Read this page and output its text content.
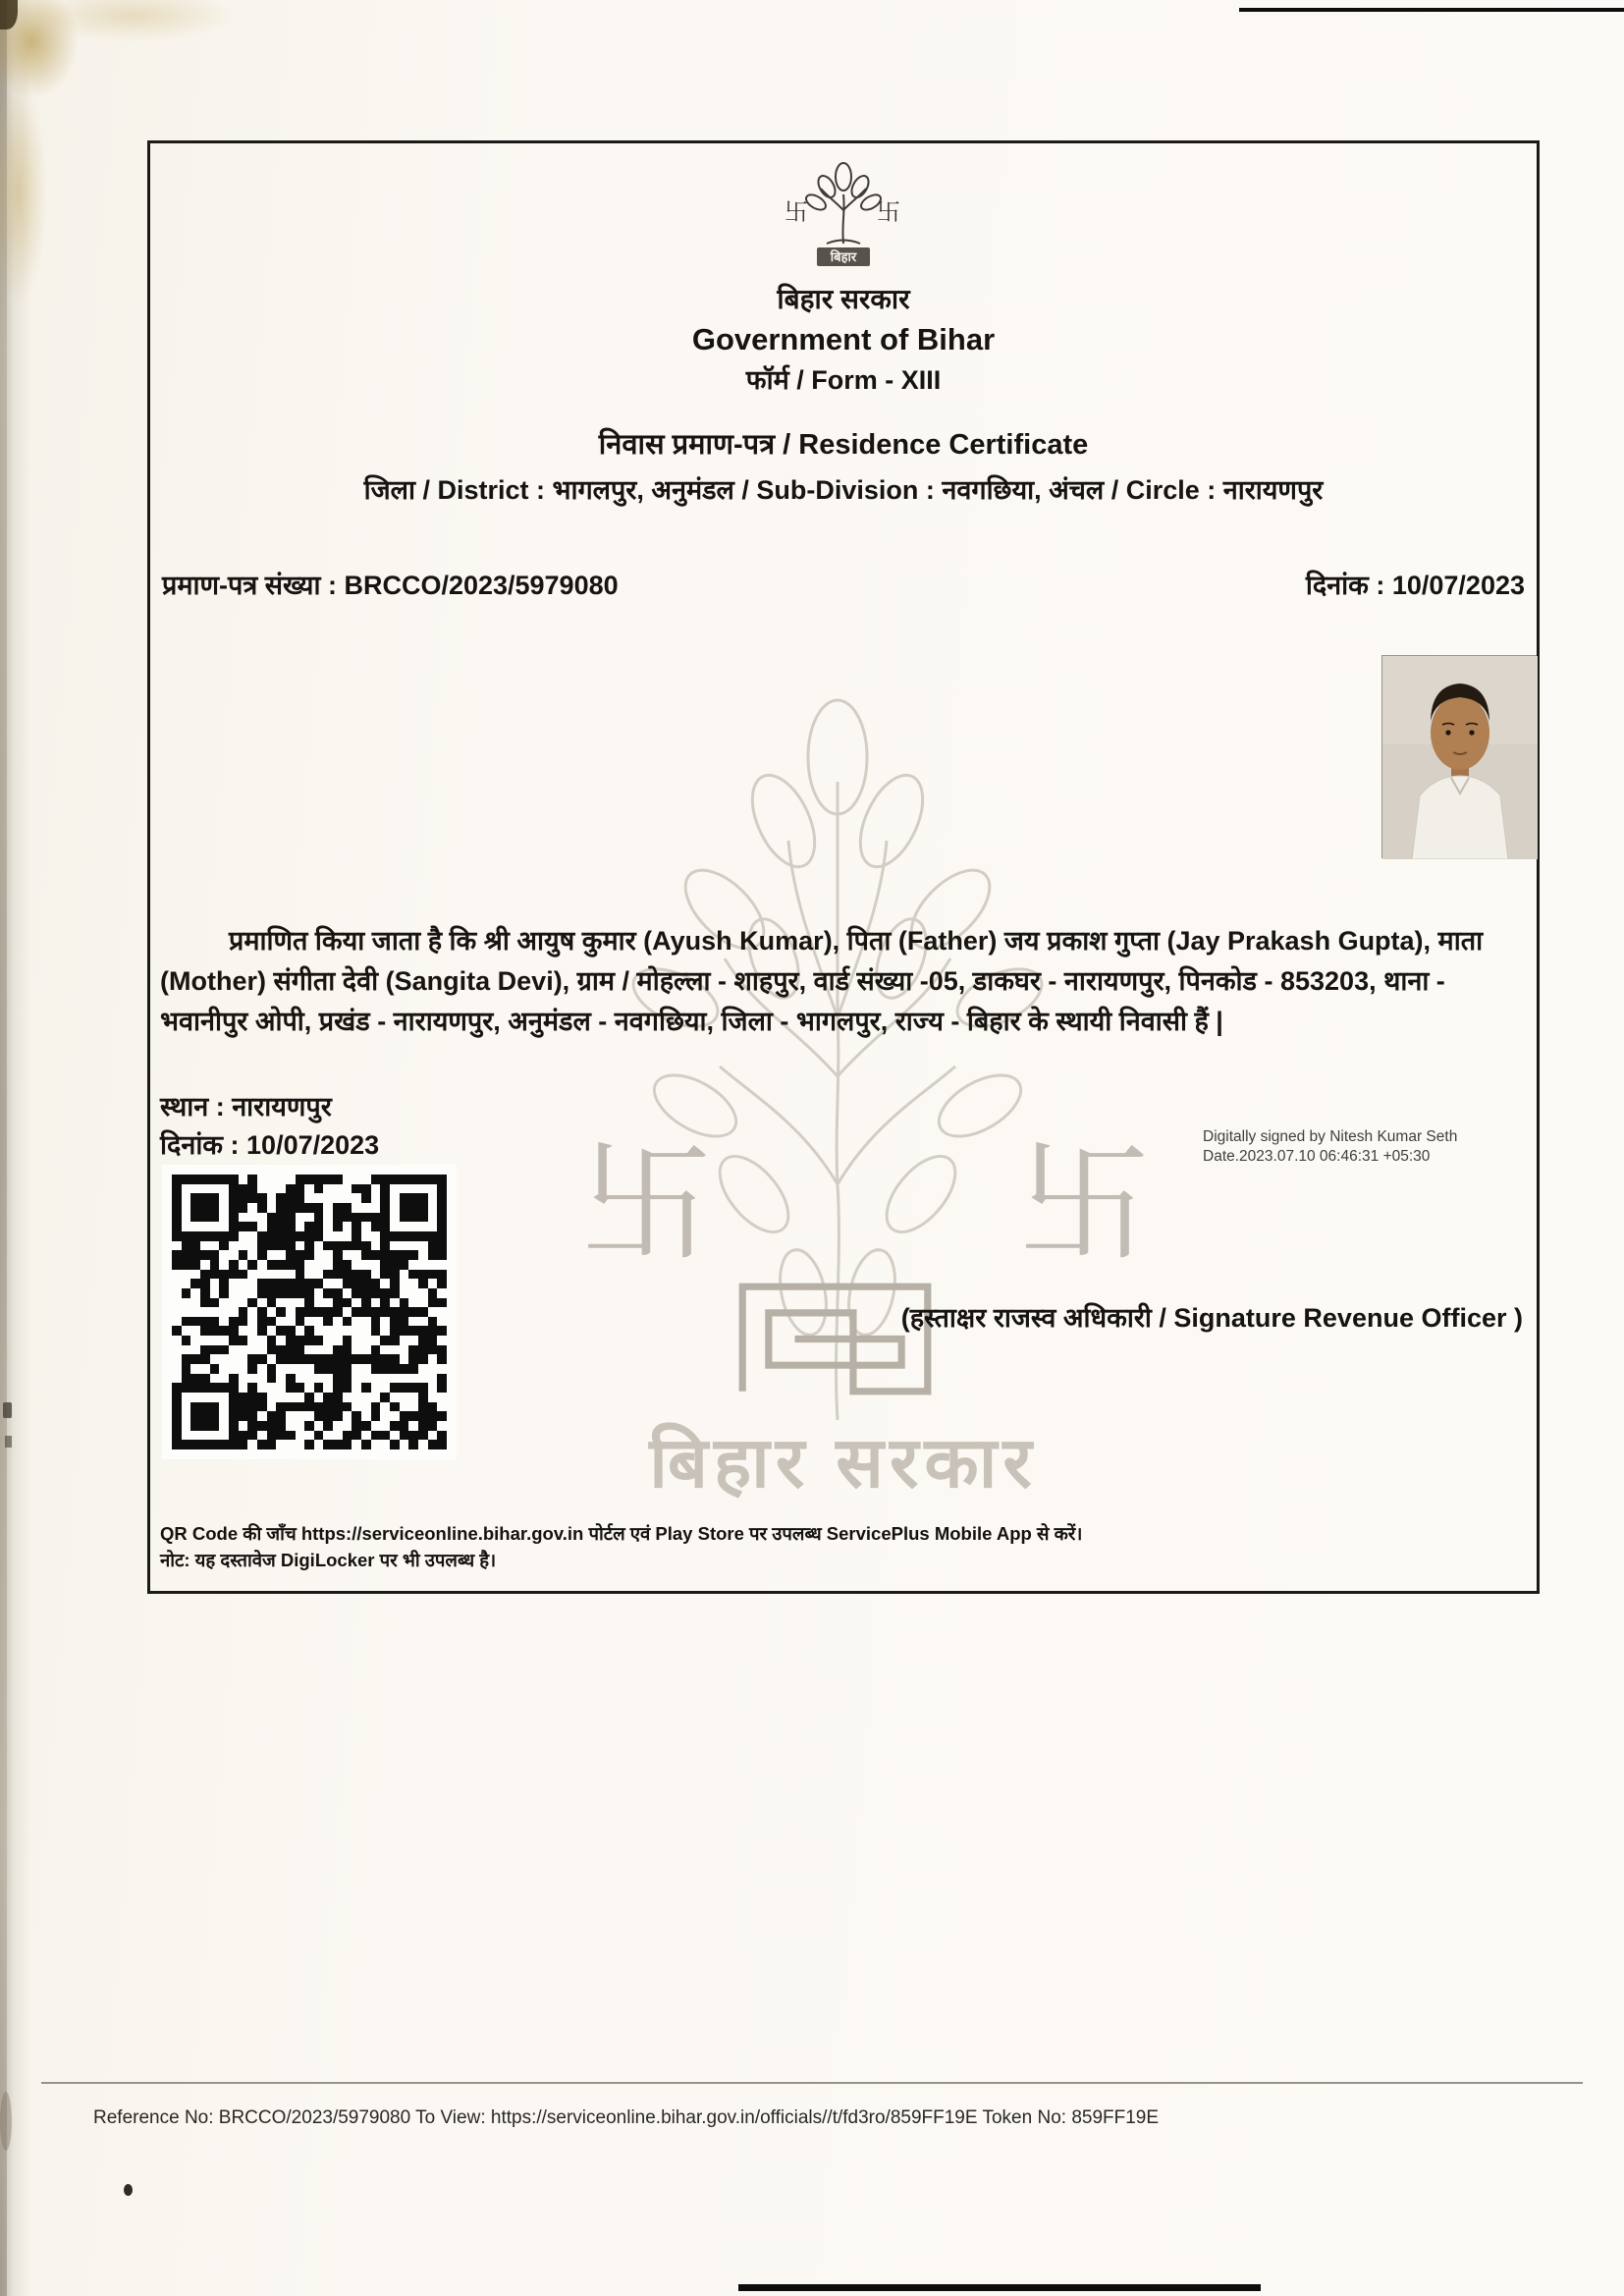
卐 卐
बिहार सरकार
卐	卐
बिहार
बिहार सरकार
Government of Bihar
फॉर्म / Form - XIII
निवास प्रमाण-पत्र / Residence Certificate
जिला / District : भागलपुर, अनुमंडल / Sub-Division : नवगछिया, अंचल / Circle : नारायणपुर
प्रमाण-पत्र संख्या : BRCCO/2023/5979080	दिनांक : 10/07/2023

प्रमाणित किया जाता है कि श्री आयुष कुमार (Ayush Kumar), पिता (Father) जय प्रकाश गुप्ता (Jay Prakash Gupta), माता (Mother) संगीता देवी (Sangita Devi), ग्राम / मोहल्ला - शाहपुर, वार्ड संख्या -05, डाकघर - नारायणपुर, पिनकोड - 853203, थाना - भवानीपुर ओपी, प्रखंड - नारायणपुर, अनुमंडल - नवगछिया, जिला - भागलपुर, राज्य - बिहार के स्थायी निवासी हैं |

स्थान : नारायणपुर
दिनांक : 10/07/2023	Digitally signed by Nitesh Kumar Seth
Date.2023.07.10 06:46:31 +05:30
(हस्ताक्षर राजस्व अधिकारी / Signature Revenue Officer )
QR Code की जाँच https://serviceonline.bihar.gov.in पोर्टल एवं Play Store पर उपलब्ध ServicePlus Mobile App से करें।
नोट: यह दस्तावेज DigiLocker पर भी उपलब्ध है।
Reference No: BRCCO/2023/5979080 To View: https://serviceonline.bihar.gov.in/officials//t/fd3ro/859FF19E Token No: 859FF19E
